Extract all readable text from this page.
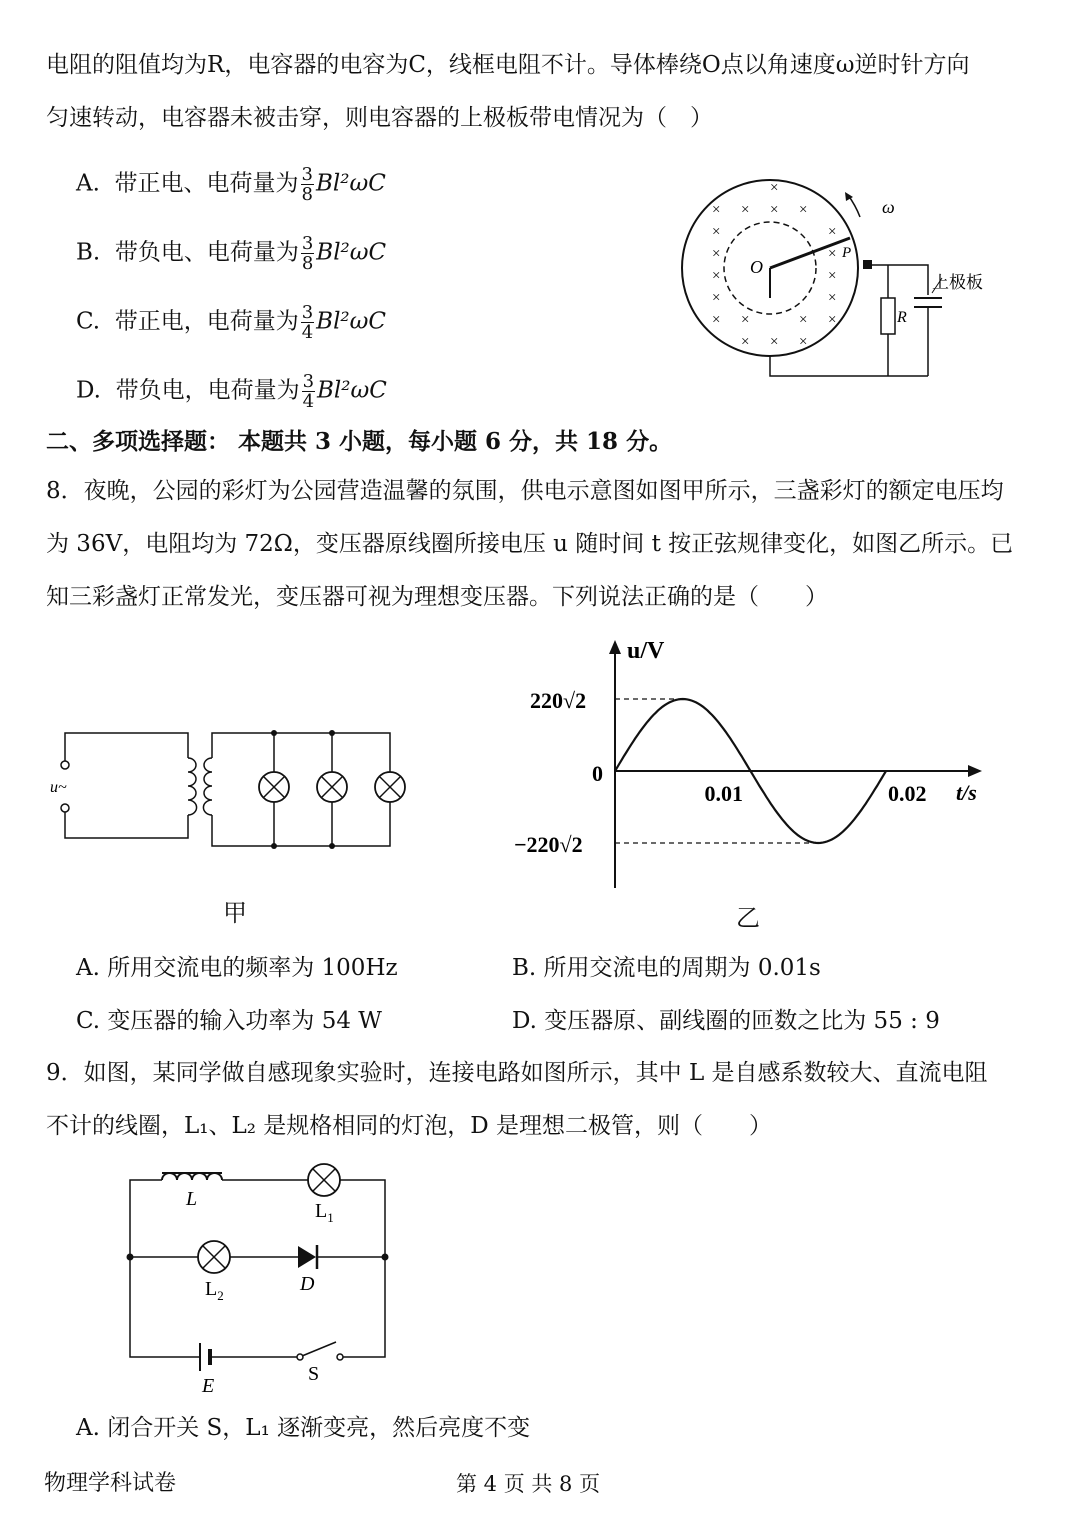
电阻的阻值均为R，电容器的电容为C，线框电阻不计。导体棒绕O点以角速度ω逆时针方向
匀速转动，电容器未被击穿，则电容器的上极板带电情况为（　）
A. 带正电、电荷量为 $\frac{3}{8} Bl^2\omega C$
B. 带负电、电荷量为 $\frac{3}{8} Bl^2\omega C$
C. 带正电，电荷量为 $\frac{3}{4} Bl^2\omega C$
D. 带负电，电荷量为 $\frac{3}{4} Bl^2\omega C$
×
× × × ×
×	×
×	×
×	×
×	×
× ×	× ×
× × ×
O
P
ω
R
上极板
二、多项选择题： 本题共 3 小题，每小题 6 分，共 18 分。
8．夜晚，公园的彩灯为公园营造温馨的氛围，供电示意图如图甲所示，三盏彩灯的额定电压均
为 36V，电阻均为 72Ω，变压器原线圈所接电压 u 随时间 t 按正弦规律变化，如图乙所示。已
知三彩盏灯正常发光，变压器可视为理想变压器。下列说法正确的是（　　）
u~
甲
220√2
0
−220√2
0.01	0.02
u/V
t/s
乙
A. 所用交流电的频率为 100Hz	B. 所用交流电的周期为 0.01s
C. 变压器的输入功率为 54 W	D. 变压器原、副线圈的匝数之比为 55 : 9
9．如图，某同学做自感现象实验时，连接电路如图所示，其中 L 是自感系数较大、直流电阻
不计的线圈，L₁、L₂ 是规格相同的灯泡，D 是理想二极管，则（　　）
L
$L_1$
$L_2$
D
E
S
A. 闭合开关 S，L₁ 逐渐变亮，然后亮度不变
物理学科试卷	第 4 页 共 8 页
